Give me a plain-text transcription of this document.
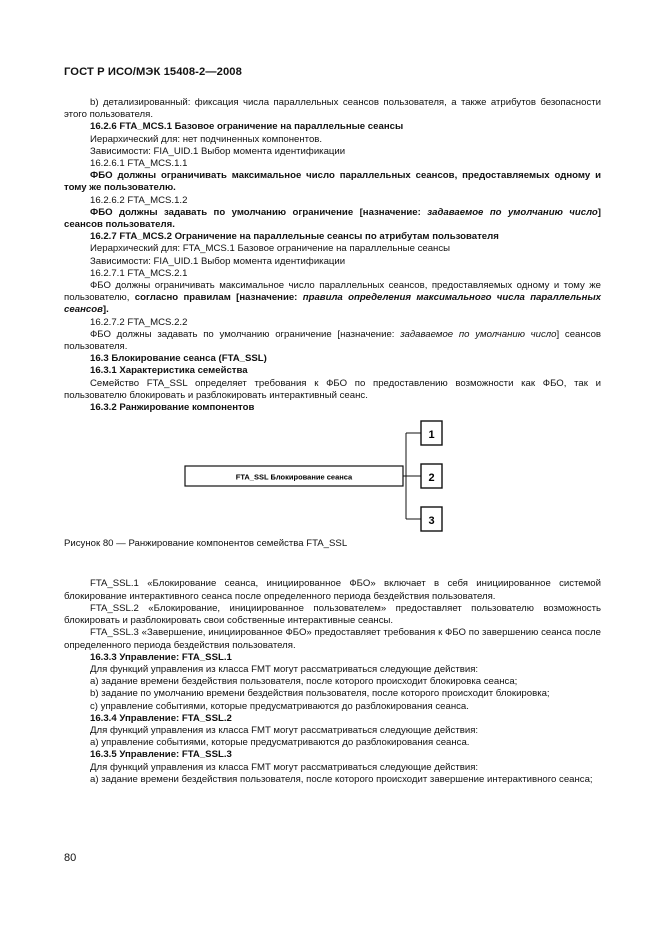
ГОСТ Р ИСО/МЭК 15408-2—2008

b) детализированный: фиксация числа параллельных сеансов пользователя, а также атрибутов безопасности этого пользователя.

16.2.6 FTA_MCS.1 Базовое ограничение на параллельные сеансы

Иерархический для: нет подчиненных компонентов.

Зависимости: FIA_UID.1 Выбор момента идентификации

16.2.6.1 FTA_MCS.1.1

ФБО должны ограничивать максимальное число параллельных сеансов, предоставляемых одному и тому же пользователю.

16.2.6.2 FTA_MCS.1.2

ФБО должны задавать по умолчанию ограничение [назначение: задаваемое по умолчанию число] сеансов пользователя.

16.2.7 FTA_MCS.2 Ограничение на параллельные сеансы по атрибутам пользователя

Иерархический для: FTA_MCS.1 Базовое ограничение на параллельные сеансы

Зависимости: FIA_UID.1 Выбор момента идентификации

16.2.7.1 FTA_MCS.2.1

ФБО должны ограничивать максимальное число параллельных сеансов, предоставляемых одному и тому же пользователю, согласно правилам [назначение: правила определения максимального числа параллельных сеансов].

16.2.7.2 FTA_MCS.2.2

ФБО должны задавать по умолчанию ограничение [назначение: задаваемое по умолчанию число] сеансов пользователя.

16.3 Блокирование сеанса (FTA_SSL)

16.3.1 Характеристика семейства

Семейство FTA_SSL определяет требования к ФБО по предоставлению возможности как ФБО, так и пользователю блокировать и разблокировать интерактивный сеанс.

16.3.2 Ранжирование компонентов

FTA_SSL Блокирование сеанса
1
2
3

Рисунок 80 — Ранжирование компонентов семейства FTA_SSL

FTA_SSL.1 «Блокирование сеанса, инициированное ФБО» включает в себя инициированное системой блокирование интерактивного сеанса после определенного периода бездействия пользователя.

FTA_SSL.2 «Блокирование, инициированное пользователем» предоставляет пользователю возможность блокировать и разблокировать свои собственные интерактивные сеансы.

FTA_SSL.3 «Завершение, инициированное ФБО» предоставляет требования к ФБО по завершению сеанса после определенного периода бездействия пользователя.

16.3.3 Управление: FTA_SSL.1

Для функций управления из класса FMT могут рассматриваться следующие действия:

а) задание времени бездействия пользователя, после которого происходит блокировка сеанса;

b) задание по умолчанию времени бездействия пользователя, после которого происходит блокировка;

с) управление событиями, которые предусматриваются до разблокирования сеанса.

16.3.4 Управление: FTA_SSL.2

Для функций управления из класса FMT могут рассматриваться следующие действия:

а) управление событиями, которые предусматриваются до разблокирования сеанса.

16.3.5 Управление: FTA_SSL.3

Для функций управления из класса FMT могут рассматриваться следующие действия:

а) задание времени бездействия пользователя, после которого происходит завершение интерактивного сеанса;

80
